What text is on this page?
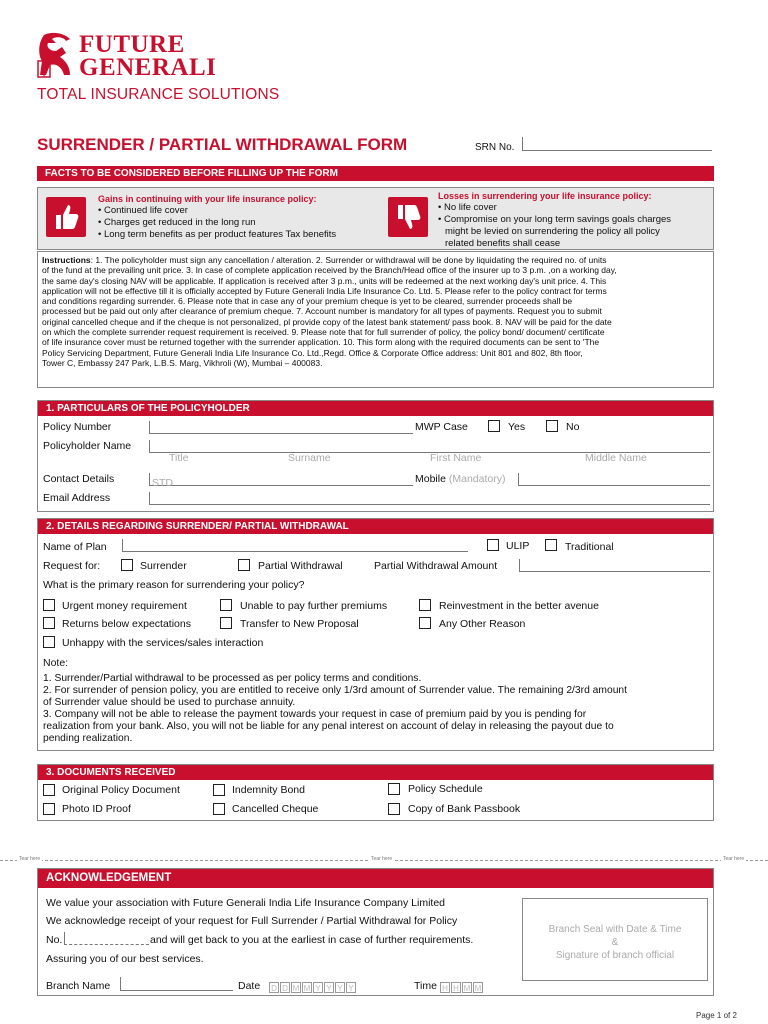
FUTURE
GENERALI
TOTAL INSURANCE SOLUTIONS
SURRENDER / PARTIAL WITHDRAWAL FORM	SRN No.
FACTS TO BE CONSIDERED BEFORE FILLING UP THE FORM
Gains in continuing with your life insurance policy:
• Continued life cover
• Charges get reduced in the long run
• Long term benefits as per product features Tax benefits
Losses in surrendering your life insurance policy:
• No life cover
• Compromise on your long term savings goals charges
might be levied on surrendering the policy all policy
related benefits shall cease
Instructions: 1. The policyholder must sign any cancellation / alteration. 2. Surrender or withdrawal will be done by liquidating the required no. of units
of the fund at the prevailing unit price. 3. In case of complete application received by the Branch/Head office of the insurer up to 3 p.m. ,on a working day,
the same day's closing NAV will be applicable. If application is received after 3 p.m., units will be redeemed at the next working day's unit price. 4. This
application will not be effective till it is officially accepted by Future Generali India Life Insurance Co. Ltd. 5. Please refer to the policy contract for terms
and conditions regarding surrender. 6. Please note that in case any of your premium cheque is yet to be cleared, surrender proceeds shall be
processed but be paid out only after clearance of premium cheque. 7. Account number is mandatory for all types of payments. Request you to submit
original cancelled cheque and if the cheque is not personalized, pl provide copy of the latest bank statement/ pass book. 8. NAV will be paid for the date
on which the complete surrender request requirement is received. 9. Please note that for full surrender of policy, the policy bond/ document/ certificate
of life insurance cover must be returned together with the surrender application. 10. This form along with the required documents can be sent to 'The
Policy Servicing Department, Future Generali India Life Insurance Co. Ltd.,Regd. Office & Corporate Office address: Unit 801 and 802, 8th floor,
Tower C, Embassy 247 Park, L.B.S. Marg, Vikhroli (W), Mumbai – 400083.
1. PARTICULARS OF THE POLICYHOLDER
Policy Number	MWP Case	Yes	No
Policyholder Name
Title	Surname	First Name	Middle Name
Contact Details	STD	Mobile (Mandatory)
Email Address
2. DETAILS REGARDING SURRENDER/ PARTIAL WITHDRAWAL
Name of Plan	ULIP	Traditional
Request for:	Surrender	Partial Withdrawal	Partial Withdrawal Amount
What is the primary reason for surrendering your policy?
Urgent money requirement	Unable to pay further premiums	Reinvestment in the better avenue
Returns below expectations	Transfer to New Proposal	Any Other Reason
Unhappy with the services/sales interaction
Note:
1. Surrender/Partial withdrawal to be processed as per policy terms and conditions.
2. For surrender of pension policy, you are entitled to receive only 1/3rd amount of Surrender value. The remaining 2/3rd amount
of Surrender value should be used to purchase annuity.
3. Company will not be able to release the payment towards your request in case of premium paid by you is pending for
realization from your bank. Also, you will not be liable for any penal interest on account of delay in releasing the payout due to
pending realization.
3. DOCUMENTS RECEIVED
Original Policy Document	Indemnity Bond	Policy Schedule
Photo ID Proof	Cancelled Cheque	Copy of Bank Passbook
Tear here	Tear here	Tear here
ACKNOWLEDGEMENT
We value your association with Future Generali India Life Insurance Company Limited
We acknowledge receipt of your request for Full Surrender / Partial Withdrawal for Policy
No.	and will get back to you at the earliest in case of further requirements.
Assuring you of our best services.
Branch Seal with Date & Time
&
Signature of branch official
Branch Name	Date D D M M Y Y Y Y	Time H H M M
Page 1 of 2
